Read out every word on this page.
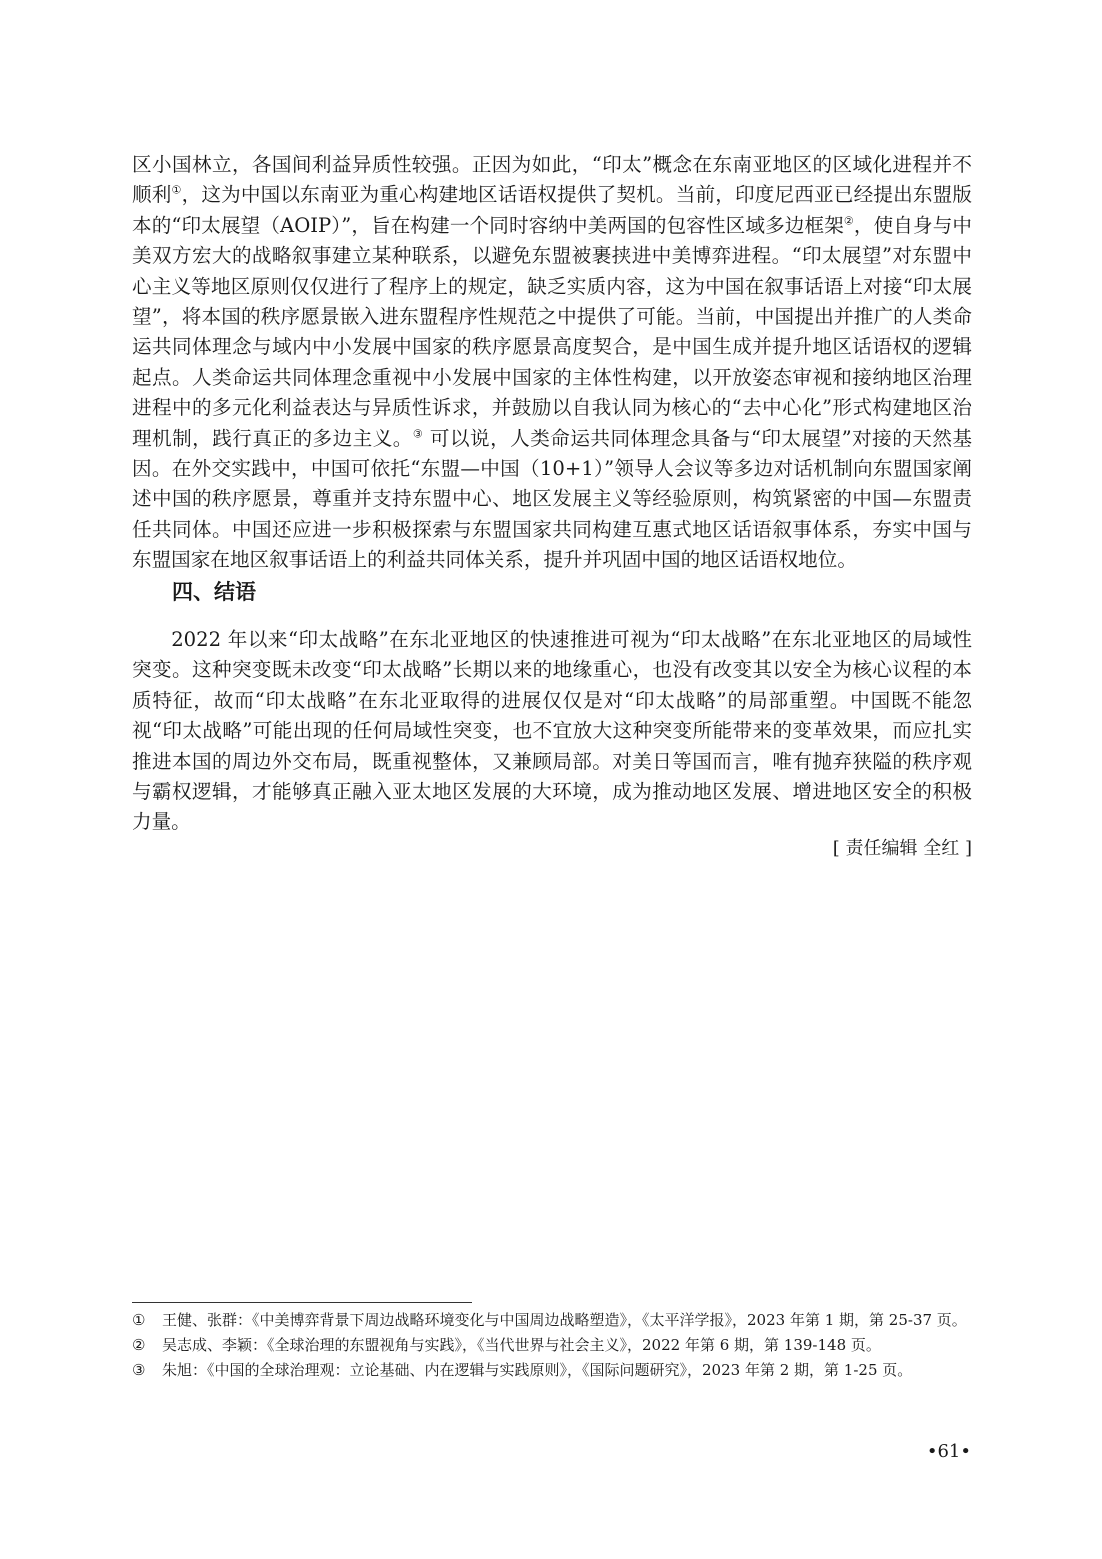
区小国林立，各国间利益异质性较强。正因为如此，“印太”概念在东南亚地区的区域化进程并不顺利①，这为中国以东南亚为重心构建地区话语权提供了契机。当前，印度尼西亚已经提出东盟版本的“印太展望（AOIP）”，旨在构建一个同时容纳中美两国的包容性区域多边框架②，使自身与中美双方宏大的战略叙事建立某种联系，以避免东盟被裹挟进中美博弈进程。“印太展望”对东盟中心主义等地区原则仅仅进行了程序上的规定，缺乏实质内容，这为中国在叙事话语上对接“印太展望”，将本国的秩序愿景嵌入进东盟程序性规范之中提供了可能。当前，中国提出并推广的人类命运共同体理念与域内中小发展中国家的秩序愿景高度契合，是中国生成并提升地区话语权的逻辑起点。人类命运共同体理念重视中小发展中国家的主体性构建，以开放姿态审视和接纳地区治理进程中的多元化利益表达与异质性诉求，并鼓励以自我认同为核心的“去中心化”形式构建地区治理机制，践行真正的多边主义。③ 可以说，人类命运共同体理念具备与“印太展望”对接的天然基因。在外交实践中，中国可依托“东盟—中国（10+1）”领导人会议等多边对话机制向东盟国家阐述中国的秩序愿景，尊重并支持东盟中心、地区发展主义等经验原则，构筑紧密的中国—东盟责任共同体。中国还应进一步积极探索与东盟国家共同构建互惠式地区话语叙事体系，夯实中国与东盟国家在地区叙事话语上的利益共同体关系，提升并巩固中国的地区话语权地位。

四、结语

2022 年以来“印太战略”在东北亚地区的快速推进可视为“印太战略”在东北亚地区的局域性突变。这种突变既未改变“印太战略”长期以来的地缘重心，也没有改变其以安全为核心议程的本质特征，故而“印太战略”在东北亚取得的进展仅仅是对“印太战略”的局部重塑。中国既不能忽视“印太战略”可能出现的任何局域性突变，也不宜放大这种突变所能带来的变革效果，而应扎实推进本国的周边外交布局，既重视整体，又兼顾局部。对美日等国而言，唯有抛弃狭隘的秩序观与霸权逻辑，才能够真正融入亚太地区发展的大环境，成为推动地区发展、增进地区安全的积极力量。

[ 责任编辑 全红 ]

① 王健、张群：《中美博弈背景下周边战略环境变化与中国周边战略塑造》，《太平洋学报》，2023 年第 1 期，第 25-37 页。

② 吴志成、李颖：《全球治理的东盟视角与实践》，《当代世界与社会主义》，2022 年第 6 期，第 139-148 页。

③ 朱旭：《中国的全球治理观：立论基础、内在逻辑与实践原则》，《国际问题研究》，2023 年第 2 期，第 1-25 页。

•61•
